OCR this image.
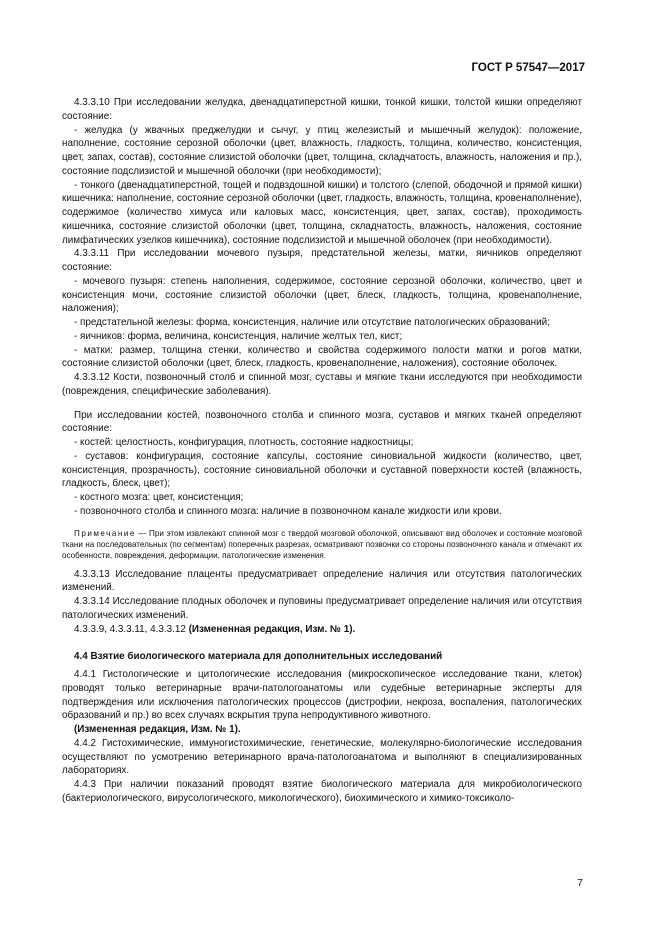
ГОСТ Р 57547—2017

4.3.3.10 При исследовании желудка, двенадцатиперстной кишки, тонкой кишки, толстой кишки определяют состояние:

- желудка (у жвачных преджелудки и сычуг, у птиц железистый и мышечный желудок): положение, наполнение, состояние серозной оболочки (цвет, влажность, гладкость, толщина, количество, консистенция, цвет, запах, состав), состояние слизистой оболочки (цвет, толщина, складчатость, влажность, наложения и пр.), состояние подслизистой и мышечной оболочки (при необходимости);

- тонкого (двенадцатиперстной, тощей и подвздошной кишки) и толстого (слепой, ободочной и прямой кишки) кишечника: наполнение, состояние серозной оболочки (цвет, гладкость, влажность, толщина, кровенаполнение), содержимое (количество химуса или каловых масс, консистенция, цвет, запах, состав), проходимость кишечника, состояние слизистой оболочки (цвет, толщина, складчатость, влажность, наложения, состояние лимфатических узелков кишечника), состояние подслизистой и мышечной оболочек (при необходимости).

4.3.3.11 При исследовании мочевого пузыря, предстательной железы, матки, яичников определяют состояние:

- мочевого пузыря: степень наполнения, содержимое, состояние серозной оболочки, количество, цвет и консистенция мочи, состояние слизистой оболочки (цвет, блеск, гладкость, толщина, кровенаполнение, наложения);

- предстательной железы: форма, консистенция, наличие или отсутствие патологических образований;

- яичников: форма, величина, консистенция, наличие желтых тел, кист;

- матки: размер, толщина стенки, количество и свойства содержимого полости матки и рогов матки, состояние слизистой оболочки (цвет, блеск, гладкость, кровенаполнение, наложения), состояние оболочек.

4.3.3.12 Кости, позвоночный столб и спинной мозг, суставы и мягкие ткани исследуются при необходимости (повреждения, специфические заболевания).

При исследовании костей, позвоночного столба и спинного мозга, суставов и мягких тканей определяют состояние:

- костей: целостность, конфигурация, плотность, состояние надкостницы;

- суставов: конфигурация, состояние капсулы, состояние синовиальной жидкости (количество, цвет, консистенция, прозрачность), состояние синовиальной оболочки и суставной поверхности костей (влажность, гладкость, блеск, цвет);

- костного мозга: цвет, консистенция;

- позвоночного столба и спинного мозга: наличие в позвоночном канале жидкости или крови.

Примечание — При этом извлекают спинной мозг с твердой мозговой оболочкой, описывают вид оболочек и состояние мозговой ткани на последовательных (по сегментам) поперечных разрезах, осматривают позвонки со стороны позвоночного канала и отмечают их особенности, повреждения, деформации, патологические изменения.

4.3.3.13 Исследование плаценты предусматривает определение наличия или отсутствия патологических изменений.

4.3.3.14 Исследование плодных оболочек и пуповины предусматривает определение наличия или отсутствия патологических изменений.

4.3.3.9, 4.3.3.11, 4.3.3.12 (Измененная редакция, Изм. № 1).

4.4 Взятие биологического материала для дополнительных исследований

4.4.1 Гистологические и цитологические исследования (микроскопическое исследование ткани, клеток) проводят только ветеринарные врачи-патологоанатомы или судебные ветеринарные эксперты для подтверждения или исключения патологических процессов (дистрофии, некроза, воспаления, патологических образований и пр.) во всех случаях вскрытия трупа непродуктивного животного.

(Измененная редакция, Изм. № 1).

4.4.2 Гистохимические, иммуногистохимические, генетические, молекулярно-биологические исследования осуществляют по усмотрению ветеринарного врача-патологоанатома и выполняют в специализированных лабораториях.

4.4.3 При наличии показаний проводят взятие биологического материала для микробиологического (бактериологического, вирусологического, микологического), биохимического и химико-токсиколо-

7
